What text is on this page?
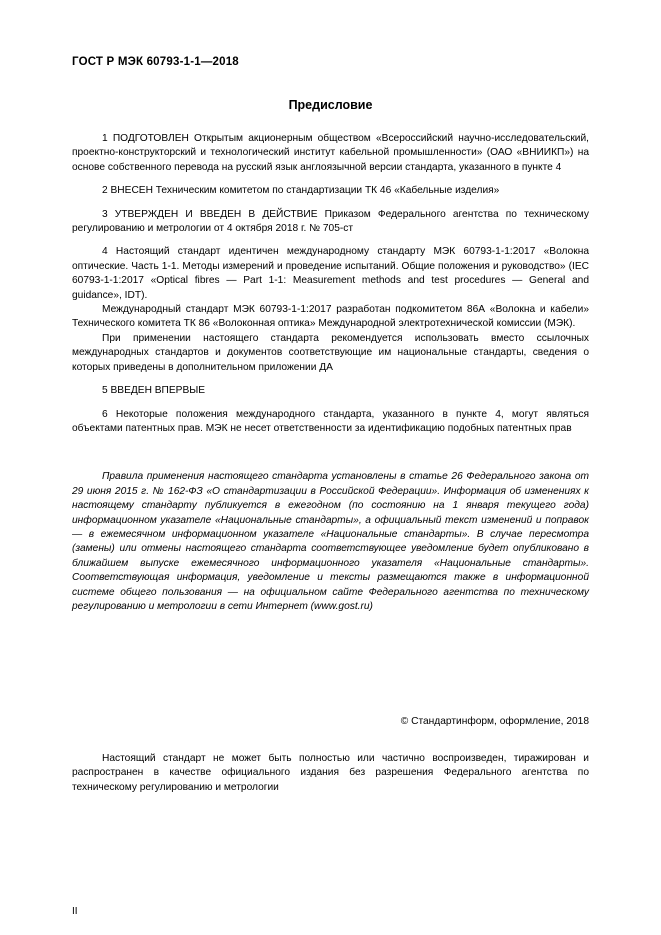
ГОСТ Р МЭК 60793-1-1—2018
Предисловие

1 ПОДГОТОВЛЕН Открытым акционерным обществом «Всероссийский научно-исследовательский, проектно-конструкторский и технологический институт кабельной промышленности» (ОАО «ВНИИКП») на основе собственного перевода на русский язык англоязычной версии стандарта, указанного в пункте 4

2 ВНЕСЕН Техническим комитетом по стандартизации ТК 46 «Кабельные изделия»

3 УТВЕРЖДЕН И ВВЕДЕН В ДЕЙСТВИЕ Приказом Федерального агентства по техническому регулированию и метрологии от 4 октября 2018 г. № 705-ст

4 Настоящий стандарт идентичен международному стандарту МЭК 60793-1-1:2017 «Волокна оптические. Часть 1-1. Методы измерений и проведение испытаний. Общие положения и руководство» (IEC 60793-1-1:2017 «Optical fibres — Part 1-1: Measurement methods and test procedures — General and guidance», IDT).

Международный стандарт МЭК 60793-1-1:2017 разработан подкомитетом 86А «Волокна и кабели» Технического комитета ТК 86 «Волоконная оптика» Международной электротехнической комиссии (МЭК).

При применении настоящего стандарта рекомендуется использовать вместо ссылочных международных стандартов и документов соответствующие им национальные стандарты, сведения о которых приведены в дополнительном приложении ДА

5 ВВЕДЕН ВПЕРВЫЕ

6 Некоторые положения международного стандарта, указанного в пункте 4, могут являться объектами патентных прав. МЭК не несет ответственности за идентификацию подобных патентных прав

Правила применения настоящего стандарта установлены в статье 26 Федерального закона от 29 июня 2015 г. № 162-ФЗ «О стандартизации в Российской Федерации». Информация об изменениях к настоящему стандарту публикуется в ежегодном (по состоянию на 1 января текущего года) информационном указателе «Национальные стандарты», а официальный текст изменений и поправок — в ежемесячном информационном указателе «Национальные стандарты». В случае пересмотра (замены) или отмены настоящего стандарта соответствующее уведомление будет опубликовано в ближайшем выпуске ежемесячного информационного указателя «Национальные стандарты». Соответствующая информация, уведомление и тексты размещаются также в информационной системе общего пользования — на официальном сайте Федерального агентства по техническому регулированию и метрологии в сети Интернет (www.gost.ru)

© Стандартинформ, оформление, 2018

Настоящий стандарт не может быть полностью или частично воспроизведен, тиражирован и распространен в качестве официального издания без разрешения Федерального агентства по техническому регулированию и метрологии

II
